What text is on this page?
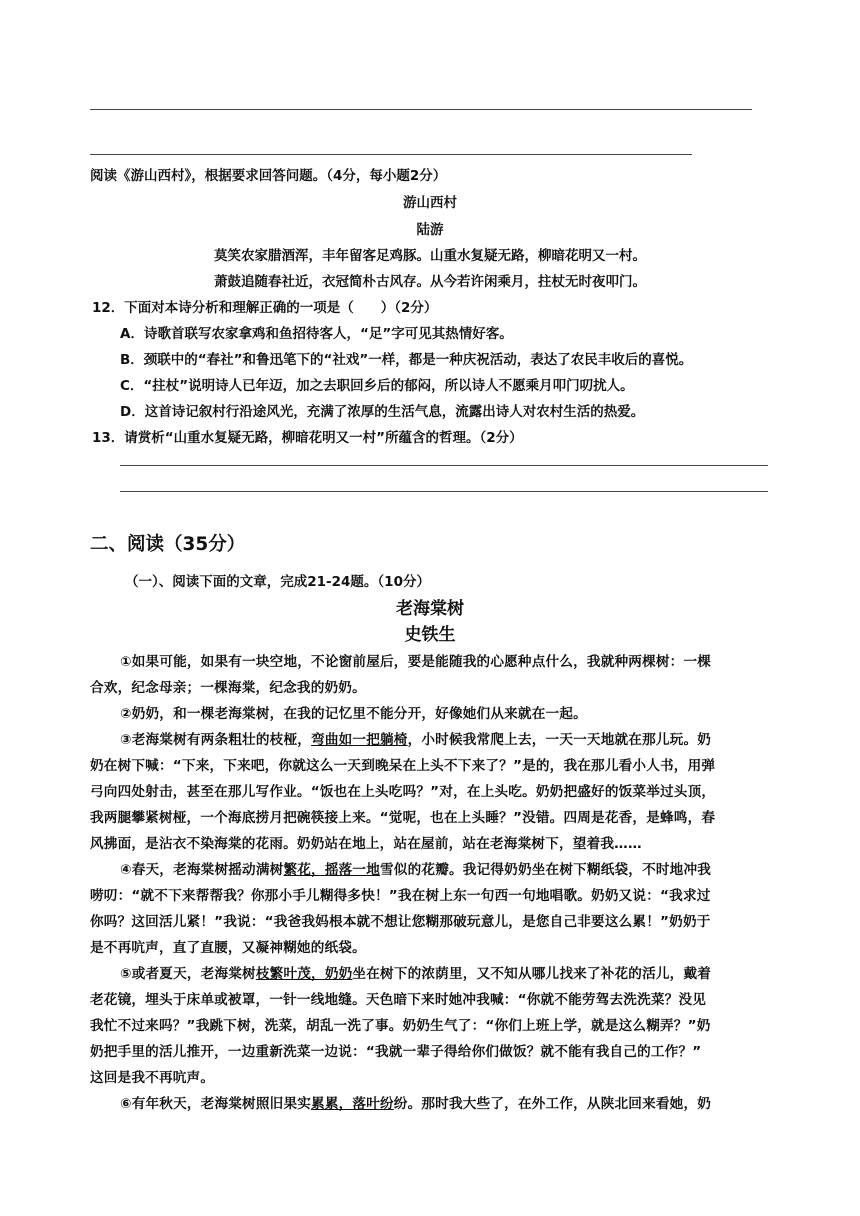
阅读《游山西村》，根据要求回答问题。（4分，每小题2分）
游山西村
陆游
莫笑农家腊酒浑，丰年留客足鸡豚。山重水复疑无路，柳暗花明又一村。
萧鼓追随春社近，衣冠简朴古风存。从今若许闲乘月，拄杖无时夜叩门。
12．下面对本诗分析和理解正确的一项是（　　）（2分）
A．诗歌首联写农家拿鸡和鱼招待客人，“足”字可见其热情好客。
B．颈联中的“春社”和鲁迅笔下的“社戏”一样，都是一种庆祝活动，表达了农民丰收后的喜悦。
C．“拄杖”说明诗人已年迈，加之去职回乡后的郁闷，所以诗人不愿乘月叩门叨扰人。
D．这首诗记叙村行沿途风光，充满了浓厚的生活气息，流露出诗人对农村生活的热爱。
13．请赏析“山重水复疑无路，柳暗花明又一村”所蕴含的哲理。（2分）
二、阅读（35分）
（一）、阅读下面的文章，完成21-24题。（10分）
老海棠树
史铁生
①如果可能，如果有一块空地，不论窗前屋后，要是能随我的心愿种点什么，我就种两棵树：一棵
合欢，纪念母亲；一棵海棠，纪念我的奶奶。
②奶奶，和一棵老海棠树，在我的记忆里不能分开，好像她们从来就在一起。
③老海棠树有两条粗壮的枝桠，弯曲如一把躺椅，小时候我常爬上去，一天一天地就在那儿玩。奶
奶在树下喊：“下来，下来吧，你就这么一天到晚呆在上头不下来了？”是的，我在那儿看小人书，用弹
弓向四处射击，甚至在那儿写作业。“饭也在上头吃吗？”对，在上头吃。奶奶把盛好的饭菜举过头顶，
我两腿攀紧树桠，一个海底捞月把碗筷接上来。“觉呢，也在上头睡？”没错。四周是花香，是蜂鸣，春
风拂面，是沾衣不染海棠的花雨。奶奶站在地上，站在屋前，站在老海棠树下，望着我……
④春天，老海棠树摇动满树繁花，摇落一地雪似的花瓣。我记得奶奶坐在树下糊纸袋，不时地冲我
唠叨：“就不下来帮帮我？你那小手儿糊得多快！”我在树上东一句西一句地唱歌。奶奶又说：“我求过
你吗？这回活儿紧！”我说：“我爸我妈根本就不想让您糊那破玩意儿，是您自己非要这么累！”奶奶于
是不再吭声，直了直腰，又凝神糊她的纸袋。
⑤或者夏天，老海棠树枝繁叶茂，奶奶坐在树下的浓荫里，又不知从哪儿找来了补花的活儿，戴着
老花镜，埋头于床单或被罩，一针一线地缝。天色暗下来时她冲我喊：“你就不能劳驾去洗洗菜？没见
我忙不过来吗？”我跳下树，洗菜，胡乱一洗了事。奶奶生气了：“你们上班上学，就是这么糊弄？”奶
奶把手里的活儿推开，一边重新洗菜一边说：“我就一辈子得给你们做饭？就不能有我自己的工作？”
这回是我不再吭声。
⑥有年秋天，老海棠树照旧果实累累，落叶纷纷。那时我大些了，在外工作，从陕北回来看她，奶
